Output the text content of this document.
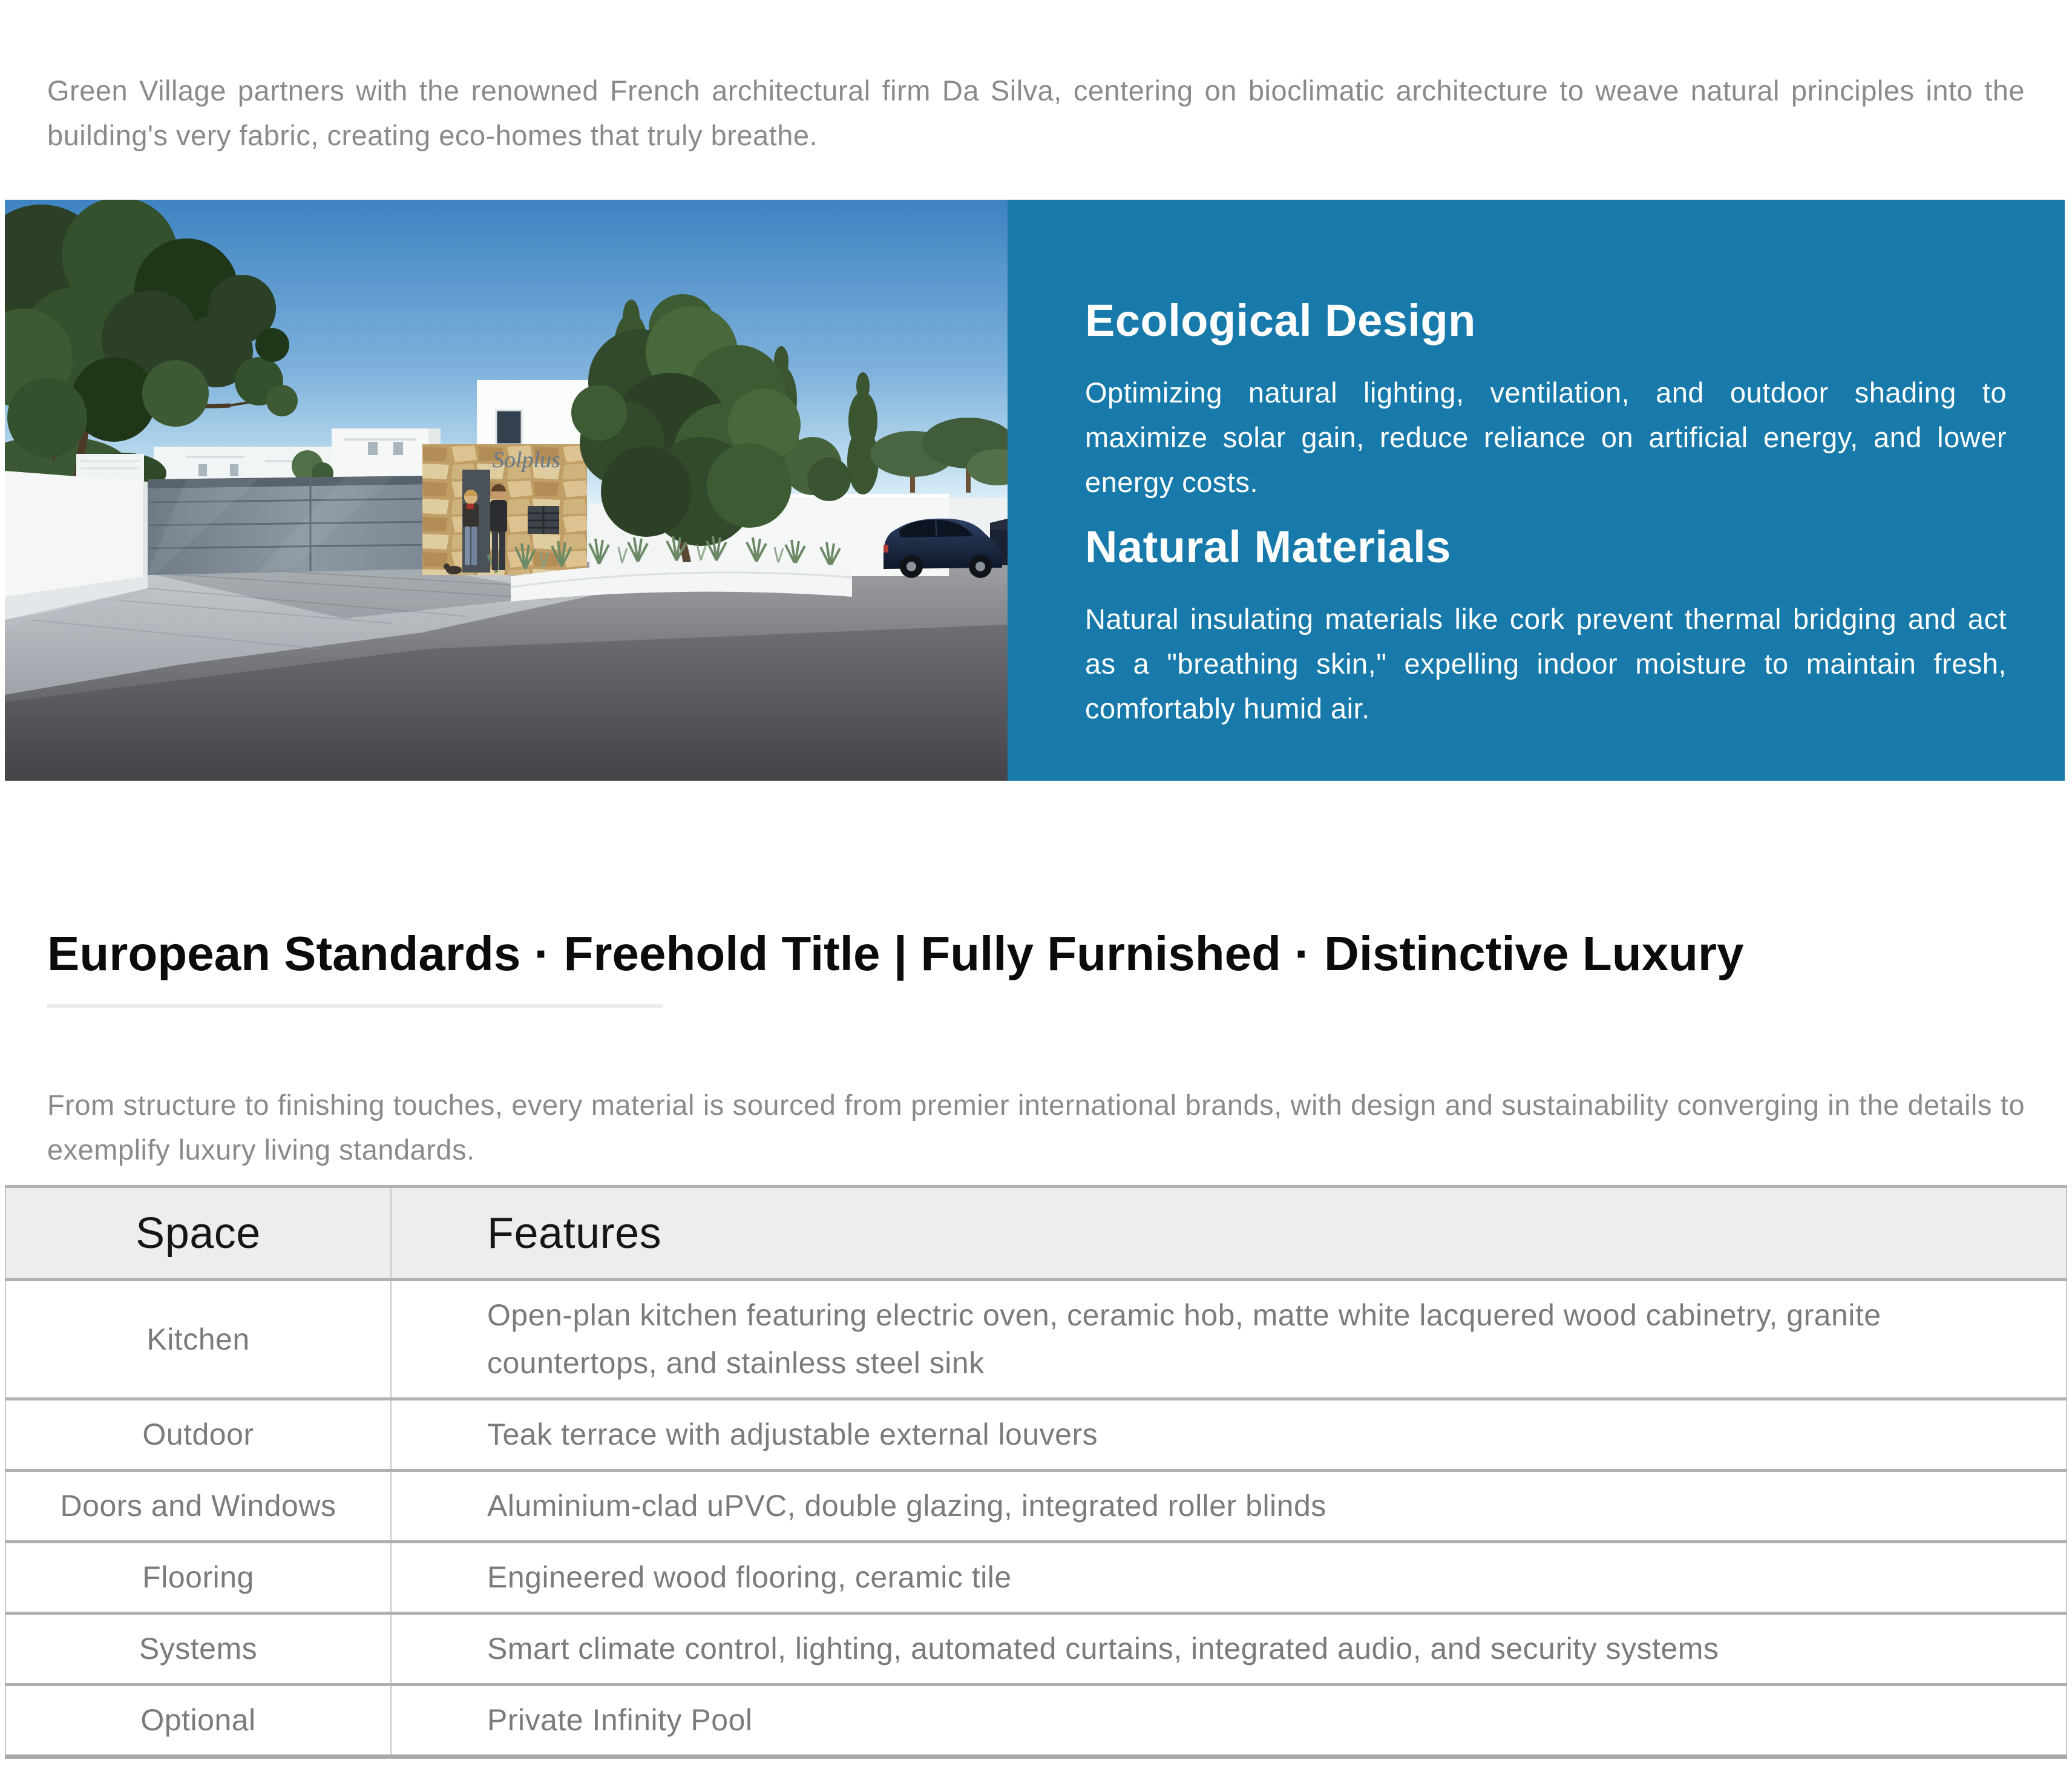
Green Village partners with the renowned French architectural firm Da Silva, centering on bioclimatic architecture to weave natural principles into the building's very fabric, creating eco-homes that truly breathe.

Solplus
Ecological Design

Optimizing natural lighting, ventilation, and outdoor shading to maximize solar gain, reduce reliance on artificial energy, and lower energy costs.

Natural Materials

Natural insulating materials like cork prevent thermal bridging and act as a "breathing skin," expelling indoor moisture to maintain fresh, comfortably humid air.

European Standards · Freehold Title | Fully Furnished · Distinctive Luxury

From structure to finishing touches, every material is sourced from premier international brands, with design and sustainability converging in the details to exemplify luxury living standards.

Space	Features
Kitchen	Open-plan kitchen featuring electric oven, ceramic hob, matte white lacquered wood cabinetry, granite countertops, and stainless steel sink
Outdoor	Teak terrace with adjustable external louvers
Doors and Windows	Aluminium-clad uPVC, double glazing, integrated roller blinds
Flooring	Engineered wood flooring, ceramic tile
Systems	Smart climate control, lighting, automated curtains, integrated audio, and security systems
Optional	Private Infinity Pool
